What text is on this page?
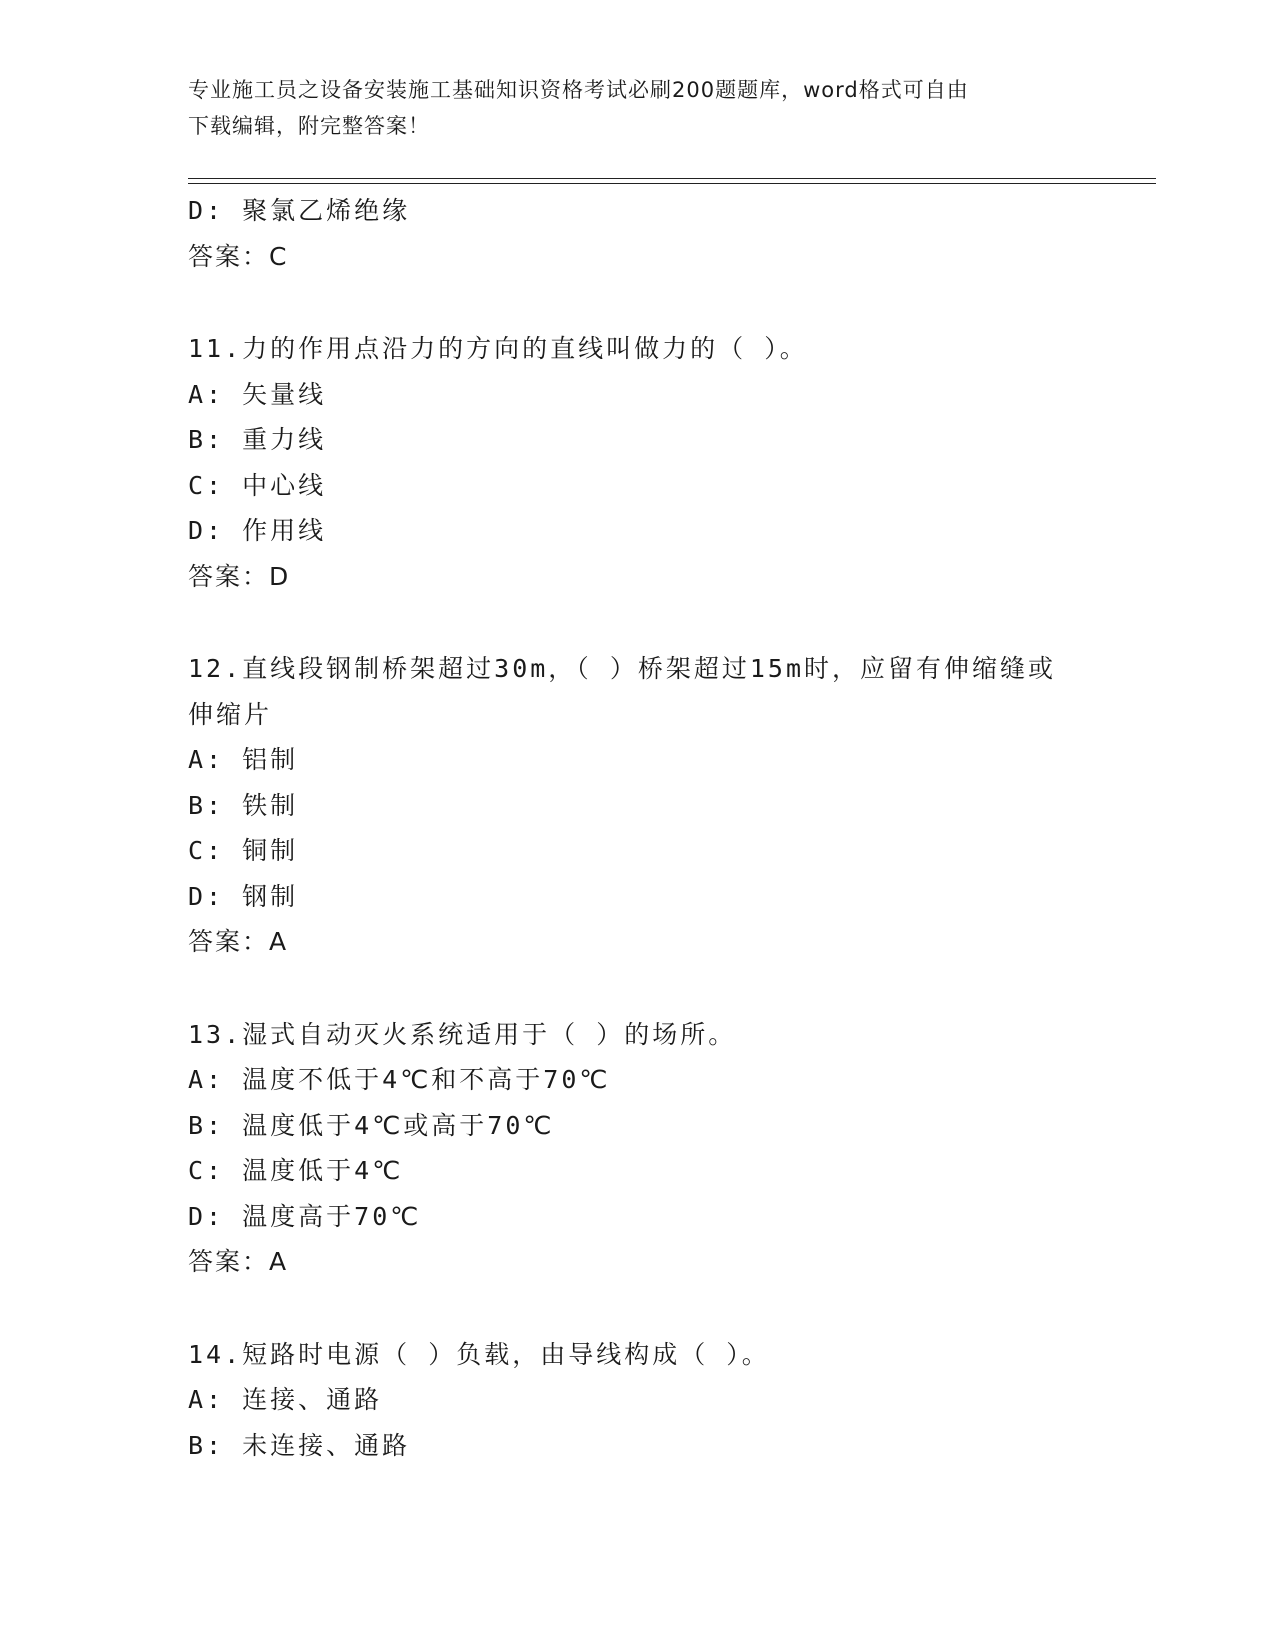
专业施工员之设备安装施工基础知识资格考试必刷200题题库，word格式可自由
下载编辑，附完整答案！
D: 聚氯乙烯绝缘
答案：C
11.力的作用点沿力的方向的直线叫做力的（ ）。
A: 矢量线
B: 重力线
C: 中心线
D: 作用线
答案：D
12.直线段钢制桥架超过30m，（ ）桥架超过15m时，应留有伸缩缝或
伸缩片
A: 铝制
B: 铁制
C: 铜制
D: 钢制
答案：A
13.湿式自动灭火系统适用于（ ）的场所。
A: 温度不低于4℃和不高于70℃
B: 温度低于4℃或高于70℃
C: 温度低于4℃
D: 温度高于70℃
答案：A
14.短路时电源（ ）负载，由导线构成（ ）。
A: 连接、通路
B: 未连接、通路
